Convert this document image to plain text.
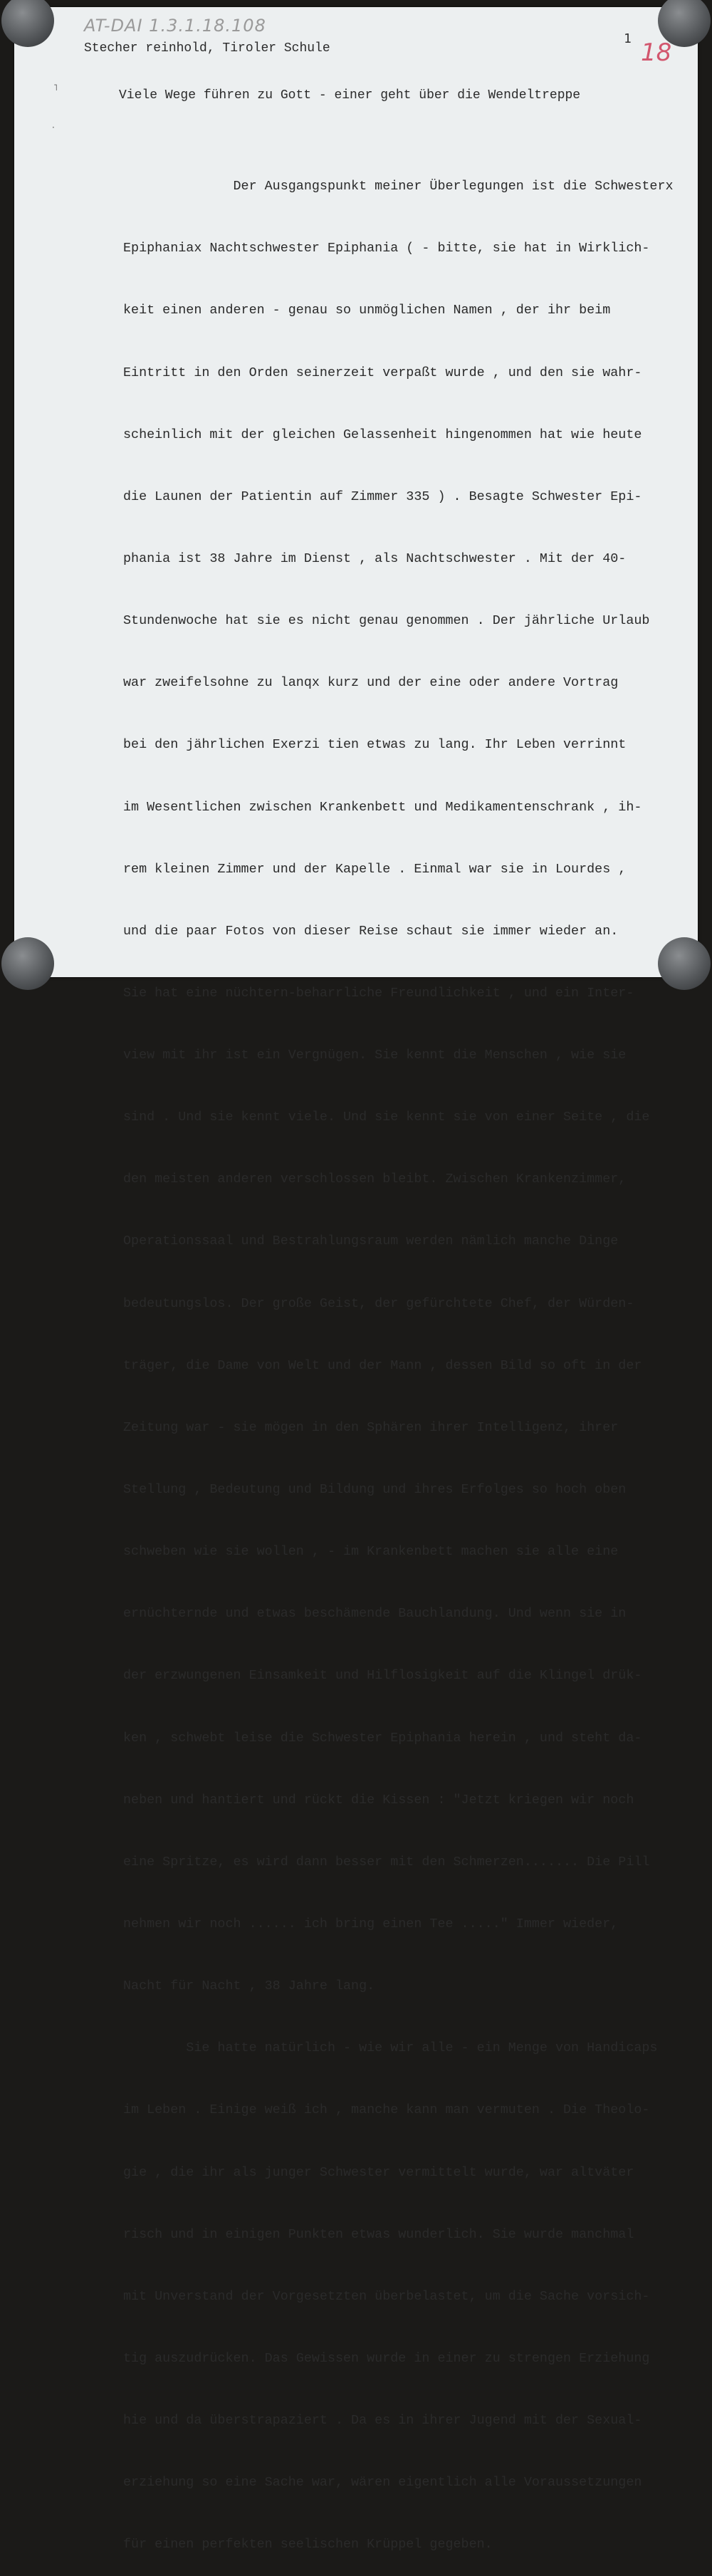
AT-DAI 1.3.1.18.108
1 18
Stecher reinhold, Tiroler Schule
Viele Wege führen zu Gott - einer geht über die Wendeltreppe
˥
·

Der Ausgangspunkt meiner Überlegungen ist die Schwesterx

Epiphaniax Nachtschwester Epiphania ( - bitte, sie hat in Wirklich-

keit einen anderen - genau so unmöglichen Namen , der ihr beim

Eintritt in den Orden seinerzeit verpaßt wurde , und den sie wahr-

scheinlich mit der gleichen Gelassenheit hingenommen hat wie heute

die Launen der Patientin auf Zimmer 335 ) . Besagte Schwester Epi-

phania ist 38 Jahre im Dienst , als Nachtschwester . Mit der 40-

Stundenwoche hat sie es nicht genau genommen . Der jährliche Urlaub

war zweifelsohne zu lanqx kurz und der eine oder andere Vortrag

bei den jährlichen Exerzi tien etwas zu lang. Ihr Leben verrinnt

im Wesentlichen zwischen Krankenbett und Medikamentenschrank , ih-

rem kleinen Zimmer und der Kapelle . Einmal war sie in Lourdes ,

und die paar Fotos von dieser Reise schaut sie immer wieder an.

Sie hat eine nüchtern-beharrliche Freundlichkeit , und ein Inter-

view mit ihr ist ein Vergnügen. Sie kennt die Menschen , wie sie

sind . Und sie kennt viele. Und sie kennt sie von einer Seite , die

den meisten anderen verschlossen bleibt. Zwischen Krankenzimmer,

Operationssaal und Bestrahlungsraum werden nämlich manche Dinge

bedeutungslos. Der große Geist, der gefürchtete Chef, der Würden-

träger, die Dame von Welt und der Mann , dessen Bild so oft in der

Zeitung war - sie mögen in den Sphären ihrer Intelligenz, ihrer

Stellung , Bedeutung und Bildung und ihres Erfolges so hoch oben

schweben wie sie wollen , - im Krankenbett machen sie alle eine

ernüchternde und etwas beschämende Bauchlandung. Und wenn sie in

der erzwungenen Einsamkeit und Hilflosigkeit auf die Klingel drük-

ken , schwebt leise die Schwester Epiphania herein , und steht da-

neben und hantiert und rückt die Kissen : "Jetzt kriegen wir noch

eine Spritze, es wird dann besser mit den Schmerzen....... Die Pill

nehmen wir noch ...... ich bring einen Tee ....." Immer wieder,

Nacht für Nacht , 38 Jahre lang.

Sie hatte natürlich - wie wir alle - ein Menge von Handicaps

im Leben . Einige weiß ich , manche kann man vermuten . Die Theolo-

gie , die ihr als junger Schwester vermittelt wurde, war altväter

risch und in einigen Punkten etwas wunderlich. Sie wurde manchmal

mit Unverstand der Vorgesetzten überbelastet, um die Sache vorsich-

tig auszudrücken. Das Gewissen wurde in einer zu strengen Erziehung

hie und da überstrapaziert . Da es in ihrer Jugend mit der Sexual-

erziehung so eine Sache war, wären eigentlich alle Voraussetzungen

für einen perfekten seelischen Krüppel gegeben.
